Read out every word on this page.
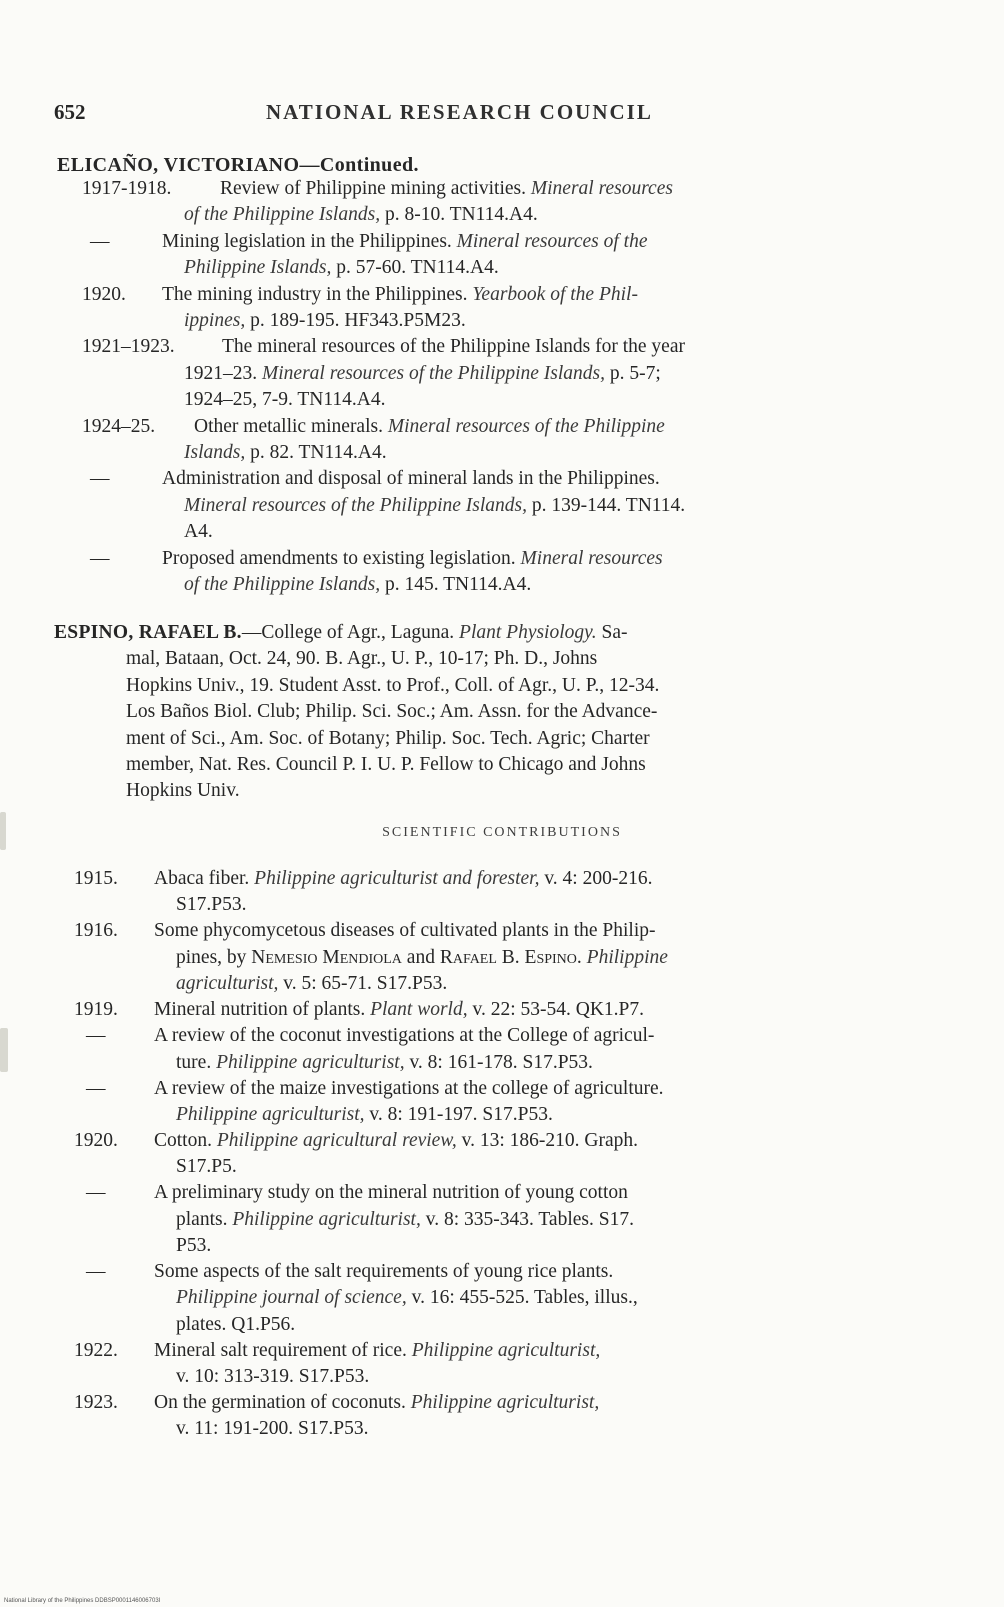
652	NATIONAL RESEARCH COUNCIL
ELICAÑO, VICTORIANO—Continued.
1917-1918.	Review of Philippine mining activities. Mineral resources
of the Philippine Islands, p. 8-10. TN114.A4.
—	Mining legislation in the Philippines. Mineral resources of the
Philippine Islands, p. 57-60. TN114.A4.
1920.	The mining industry in the Philippines. Yearbook of the Phil-
ippines, p. 189-195. HF343.P5M23.
1921–1923.	The mineral resources of the Philippine Islands for the year
1921–23. Mineral resources of the Philippine Islands, p. 5-7;
1924–25, 7-9. TN114.A4.
1924–25.	Other metallic minerals. Mineral resources of the Philippine
Islands, p. 82. TN114.A4.
—	Administration and disposal of mineral lands in the Philippines.
Mineral resources of the Philippine Islands, p. 139-144. TN114.
A4.
—	Proposed amendments to existing legislation. Mineral resources
of the Philippine Islands, p. 145. TN114.A4.
ESPINO, RAFAEL B.—College of Agr., Laguna. Plant Physiology. Sa-
mal, Bataan, Oct. 24, 90. B. Agr., U. P., 10-17; Ph. D., Johns
Hopkins Univ., 19. Student Asst. to Prof., Coll. of Agr., U. P., 12-34.
Los Baños Biol. Club; Philip. Sci. Soc.; Am. Assn. for the Advance-
ment of Sci., Am. Soc. of Botany; Philip. Soc. Tech. Agric; Charter
member, Nat. Res. Council P. I. U. P. Fellow to Chicago and Johns
Hopkins Univ.
SCIENTIFIC CONTRIBUTIONS
1915.	Abaca fiber. Philippine agriculturist and forester, v. 4: 200-216.
S17.P53.
1916.	Some phycomycetous diseases of cultivated plants in the Philip-
pines, by Nemesio Mendiola and Rafael B. Espino. Philippine
agriculturist, v. 5: 65-71. S17.P53.
1919.	Mineral nutrition of plants. Plant world, v. 22: 53-54. QK1.P7.
—	A review of the coconut investigations at the College of agricul-
ture. Philippine agriculturist, v. 8: 161-178. S17.P53.
—	A review of the maize investigations at the college of agriculture.
Philippine agriculturist, v. 8: 191-197. S17.P53.
1920.	Cotton. Philippine agricultural review, v. 13: 186-210. Graph.
S17.P5.
—	A preliminary study on the mineral nutrition of young cotton
plants. Philippine agriculturist, v. 8: 335-343. Tables. S17.
P53.
—	Some aspects of the salt requirements of young rice plants.
Philippine journal of science, v. 16: 455-525. Tables, illus.,
plates. Q1.P56.
1922.	Mineral salt requirement of rice. Philippine agriculturist,
v. 10: 313-319. S17.P53.
1923.	On the germination of coconuts. Philippine agriculturist,
v. 11: 191-200. S17.P53.
National Library of the Philippines DDBSP0001146006703I
